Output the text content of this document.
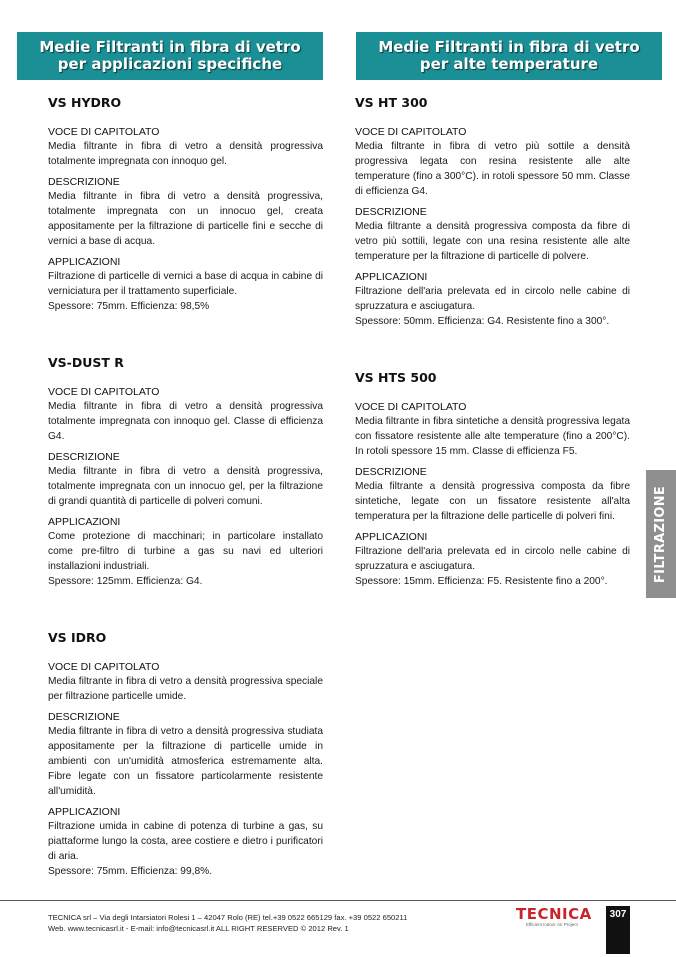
Medie Filtranti in fibra di vetro
per applicazioni specifiche
Medie Filtranti in fibra di vetro
per alte temperature
VS HYDRO
VOCE DI CAPITOLATO
Media filtrante in fibra di vetro a densità progressiva totalmente impregnata con innoquo gel.
DESCRIZIONE
Media filtrante in fibra di vetro a densità progressiva, totalmente impregnata con un innocuo gel, creata appositamente per la filtrazione di particelle fini e secche di vernici a base di acqua.
APPLICAZIONI
Filtrazione di particelle di vernici a base di acqua in cabine di verniciatura per il trattamento superficiale.
Spessore: 75mm. Efficienza: 98,5%
VS-DUST R
VOCE DI CAPITOLATO
Media filtrante in fibra di vetro a densità progressiva totalmente impregnata con innoquo gel. Classe di efficienza G4.
DESCRIZIONE
Media filtrante in fibra di vetro a densità progressiva, totalmente impregnata con un innocuo gel, per la filtrazione di grandi quantità di particelle di polveri comuni.
APPLICAZIONI
Come protezione di macchinari; in particolare installato come pre-filtro di turbine a gas su navi ed ulteriori installazioni industriali.
Spessore: 125mm. Efficienza: G4.
VS IDRO
VOCE DI CAPITOLATO
Media filtrante in fibra di vetro a densità progressiva speciale per filtrazione particelle umide.
DESCRIZIONE
Media filtrante in fibra di vetro a densità progressiva studiata appositamente per la filtrazione di particelle umide in ambienti con un'umidità atmosferica estremamente alta. Fibre legate con un fissatore particolarmente resistente all'umidità.
APPLICAZIONI
Filtrazione umida in cabine di potenza di turbine a gas, su piattaforme lungo la costa, aree costiere e dietro i purificatori di aria.
Spessore: 75mm. Efficienza: 99,8%.
VS HT 300
VOCE DI CAPITOLATO
Media filtrante in fibra di vetro più sottile a densità progressiva legata con resina resistente alle alte temperature (fino a 300°C). in rotoli spessore 50 mm. Classe di efficienza G4.
DESCRIZIONE
Media filtrante a densità progressiva composta da fibre di vetro più sottili, legate con una resina resistente alle alte temperature per la filtrazione di particelle di polvere.
APPLICAZIONI
Filtrazione dell'aria prelevata ed in circolo nelle cabine di spruzzatura e asciugatura.
Spessore: 50mm. Efficienza: G4. Resistente fino a 300°.
VS HTS 500
VOCE DI CAPITOLATO
Media filtrante in fibra sintetiche a densità progressiva legata con fissatore resistente alle alte temperature (fino a 200°C). In rotoli spessore 15 mm. Classe di efficienza F5.
DESCRIZIONE
Media filtrante a densità progressiva composta da fibre sintetiche, legate con un fissatore resistente all'alta temperatura per la filtrazione delle particelle di polveri fini.
APPLICAZIONI
Filtrazione dell'aria prelevata ed in circolo nelle cabine di spruzzatura e asciugatura.
Spessore: 15mm. Efficienza: F5. Resistente fino a 200°.	FILTRAZIONE
TECNICA srl – Via degli Intarsiatori Rolesi 1 – 42047 Rolo (RE) tel.+39 0522 665129 fax. +39 0522 650211
Web. www.tecnicasrl.it - E-mail: info@tecnicasrl.it ALL RIGHT RESERVED © 2012 Rev. 1
TECNICA
Efficient Indoor Air Project
307
